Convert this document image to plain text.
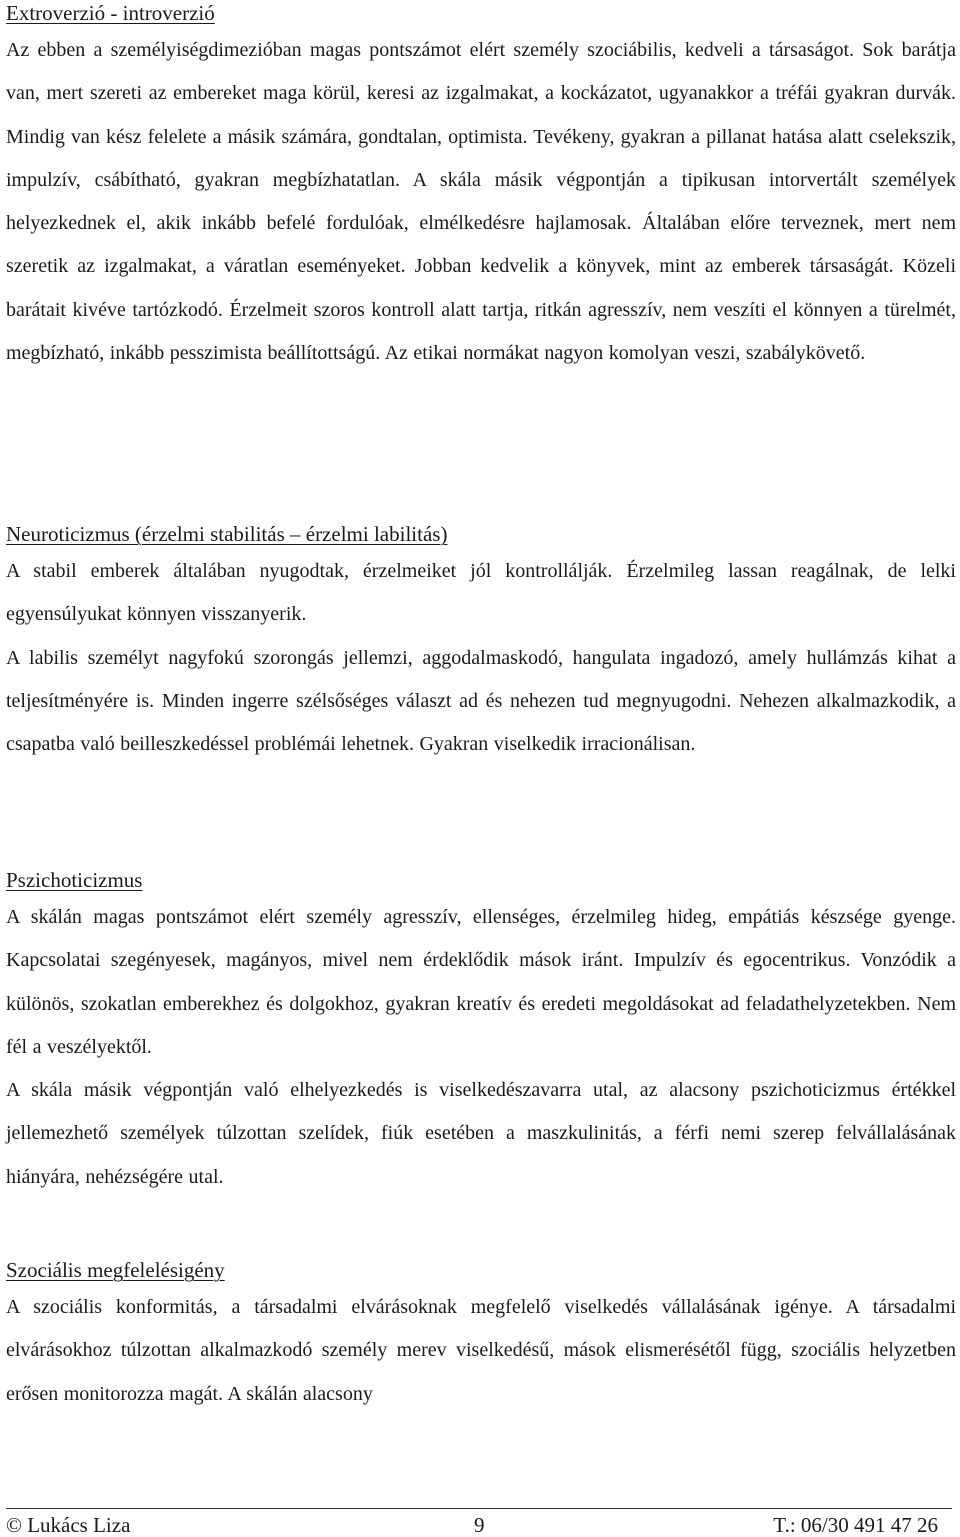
Extroverzió - introverzió

Az ebben a személyiségdimezióban magas pontszámot elért személy szociábilis, kedveli a társaságot. Sok barátja van, mert szereti az embereket maga körül, keresi az izgalmakat, a kockázatot, ugyanakkor a tréfái gyakran durvák. Mindig van kész felelete a másik számára, gondtalan, optimista. Tevékeny, gyakran a pillanat hatása alatt cselekszik, impulzív, csábítható, gyakran megbízhatatlan. A skála másik végpontján a tipikusan intorvertált személyek helyezkednek el, akik inkább befelé fordulóak, elmélkedésre hajlamosak. Általában előre terveznek, mert nem szeretik az izgalmakat, a váratlan eseményeket. Jobban kedvelik a könyvek, mint az emberek társaságát. Közeli barátait kivéve tartózkodó. Érzelmeit szoros kontroll alatt tartja, ritkán agresszív, nem veszíti el könnyen a türelmét, megbízható, inkább pesszimista beállítottságú. Az etikai normákat nagyon komolyan veszi, szabálykövető.

Neuroticizmus (érzelmi stabilitás – érzelmi labilitás)

A stabil emberek általában nyugodtak, érzelmeiket jól kontrollálják. Érzelmileg lassan reagálnak, de lelki egyensúlyukat könnyen visszanyerik.

A labilis személyt nagyfokú szorongás jellemzi, aggodalmaskodó, hangulata ingadozó, amely hullámzás kihat a teljesítményére is. Minden ingerre szélsőséges választ ad és nehezen tud megnyugodni. Nehezen alkalmazkodik, a csapatba való beilleszkedéssel problémái lehetnek. Gyakran viselkedik irracionálisan.

Pszichoticizmus

A skálán magas pontszámot elért személy agresszív, ellenséges, érzelmileg hideg, empátiás készsége gyenge. Kapcsolatai szegényesek, magányos, mivel nem érdeklődik mások iránt. Impulzív és egocentrikus. Vonzódik a különös, szokatlan emberekhez és dolgokhoz, gyakran kreatív és eredeti megoldásokat ad feladathelyzetekben. Nem fél a veszélyektől.

A skála másik végpontján való elhelyezkedés is viselkedészavarra utal, az alacsony pszichoticizmus értékkel jellemezhető személyek túlzottan szelídek, fiúk esetében a maszkulinitás, a férfi nemi szerep felvállalásának hiányára, nehézségére utal.

Szociális megfelelésigény

A szociális konformitás, a társadalmi elvárásoknak megfelelő viselkedés vállalásának igénye. A társadalmi elvárásokhoz túlzottan alkalmazkodó személy merev viselkedésű, mások elismerésétől függ, szociális helyzetben erősen monitorozza magát. A skálán alacsony

© Lukács Liza	9	T.: 06/30 491 47 26
